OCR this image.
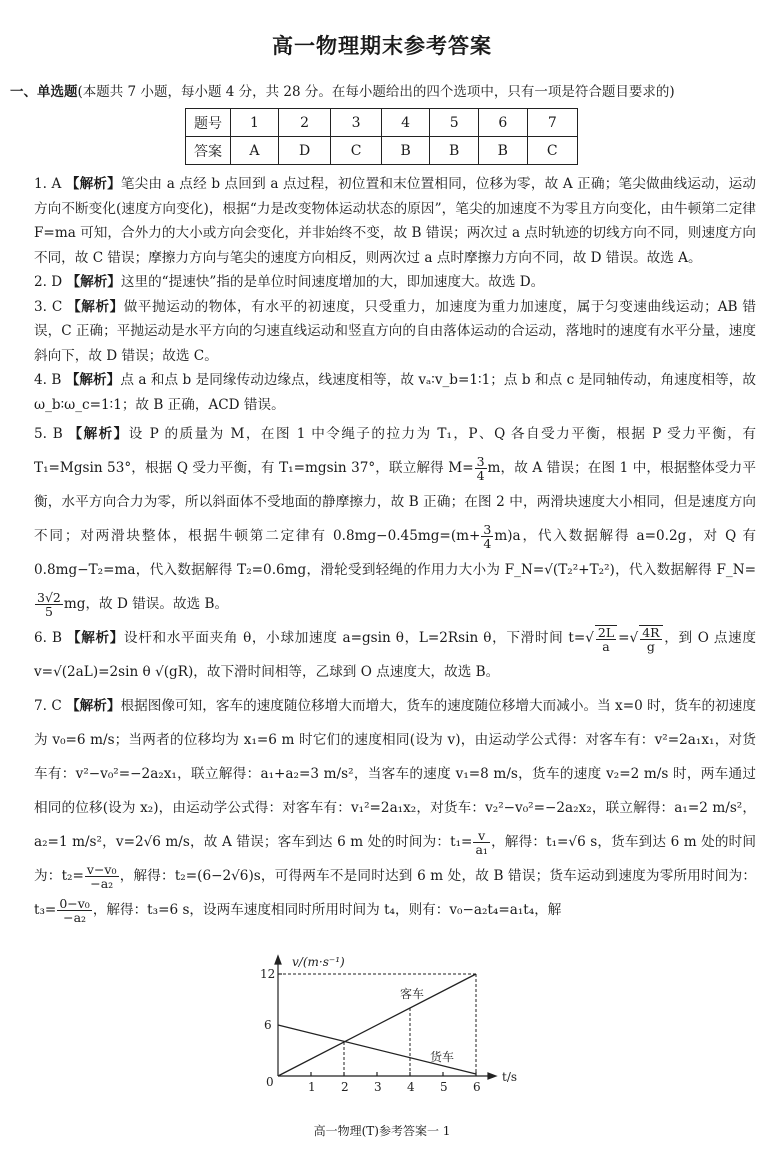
高一物理期末参考答案
一、单选题(本题共 7 小题，每小题 4 分，共 28 分。在每小题给出的四个选项中，只有一项是符合题目要求的)
题号	1	2	3	4	5	6	7
答案	A	D	C	B	B	B	C

1. A 【解析】笔尖由 a 点经 b 点回到 a 点过程，初位置和末位置相同，位移为零，故 A 正确；笔尖做曲线运动，运动方向不断变化(速度方向变化)，根据“力是改变物体运动状态的原因”，笔尖的加速度不为零且方向变化，由牛顿第二定律 F=ma 可知，合外力的大小或方向会变化，并非始终不变，故 B 错误；两次过 a 点时轨迹的切线方向不同，则速度方向不同，故 C 错误；摩擦力方向与笔尖的速度方向相反，则两次过 a 点时摩擦力方向不同，故 D 错误。故选 A。

2. D 【解析】这里的“提速快”指的是单位时间速度增加的大，即加速度大。故选 D。

3. C 【解析】做平抛运动的物体，有水平的初速度，只受重力，加速度为重力加速度，属于匀变速曲线运动；AB 错误，C 正确；平抛运动是水平方向的匀速直线运动和竖直方向的自由落体运动的合运动，落地时的速度有水平分量，速度斜向下，故 D 错误；故选 C。

4. B 【解析】点 a 和点 b 是同缘传动边缘点，线速度相等，故 vₐ∶v_b=1∶1；点 b 和点 c 是同轴传动，角速度相等，故 ω_b∶ω_c=1∶1；故 B 正确，ACD 错误。

5. B 【解析】设 P 的质量为 M，在图 1 中令绳子的拉力为 T₁，P、Q 各自受力平衡，根据 P 受力平衡，有 T₁=Mgsin 53°，根据 Q 受力平衡，有 T₁=mgsin 37°，联立解得 $M= \frac{3}{4}$ m，故 A 错误；在图 1 中，根据整体受力平衡，水平方向合力为零，所以斜面体不受地面的静摩擦力，故 B 正确；在图 2 中，两滑块速度大小相同，但是速度方向不同；对两滑块整体，根据牛顿第二定律有 $0.8mg-0.45mg=(m+ \frac{3}{4} m)a$，代入数据解得 a=0.2g，对 Q 有 0.8mg−T₂=ma，代入数据解得 T₂=0.6mg，滑轮受到轻绳的作用力大小为 F_N=√(T₂²+T₂²)，代入数据解得 F_N=
$\frac{3√2}{5}$ mg，故 D 错误。故选 B。

6. B 【解析】设杆和水平面夹角 θ，小球加速度 a=gsin θ，L=2Rsin θ，下滑时间 $t=√ \frac{2L}{a}$ =√ $\frac{4R}{g}$ ，到 O 点速度 v=√(2aL)=2sin θ √(gR)，故下滑时间相等，乙球到 O 点速度大，故选 B。

7. C 【解析】根据图像可知，客车的速度随位移增大而增大，货车的速度随位移增大而减小。当 x=0 时，货车的初速度为 v₀=6 m/s；当两者的位移均为 x₁=6 m 时它们的速度相同(设为 v)，由运动学公式得：对客车有：v²=2a₁x₁，对货车有：v²−v₀²=−2a₂x₁，联立解得：a₁+a₂=3 m/s²，当客车的速度 v₁=8 m/s，货车的速度 v₂=2 m/s 时，两车通过相同的位移(设为 x₂)，由运动学公式得：对客车有：v₁²=2a₁x₂，对货车：v₂²−v₀²=−2a₂x₂，联立解得：a₁=2 m/s²，a₂=1 m/s²，v=2√6 m/s，故 A 错误；客车到达 6 m 处的时间为：$t_1= \frac{v}{\text{a₁}}$ ，解得：t₁=√6 s，货车到达 6 m 处的时间为：$t_2= \frac{\text{v−v₀}}{\text{−a₂}}$ ，解得：t₂=(6−2√6)s，可得两车不是同时达到 6 m 处，故 B 错误；货车运动到速度为零所用时间为：$t_3= \frac{\text{0−v₀}}{\text{−a₂}}$ ，解得：t₃=6 s，设两车速度相同时所用时间为 t₄，则有：v₀−a₂t₄=a₁t₄，解

v/(m·s⁻¹)
t/s
12
6
0	1 2 3 4 5 6
客车
货车
高一物理(T)参考答案一 1
